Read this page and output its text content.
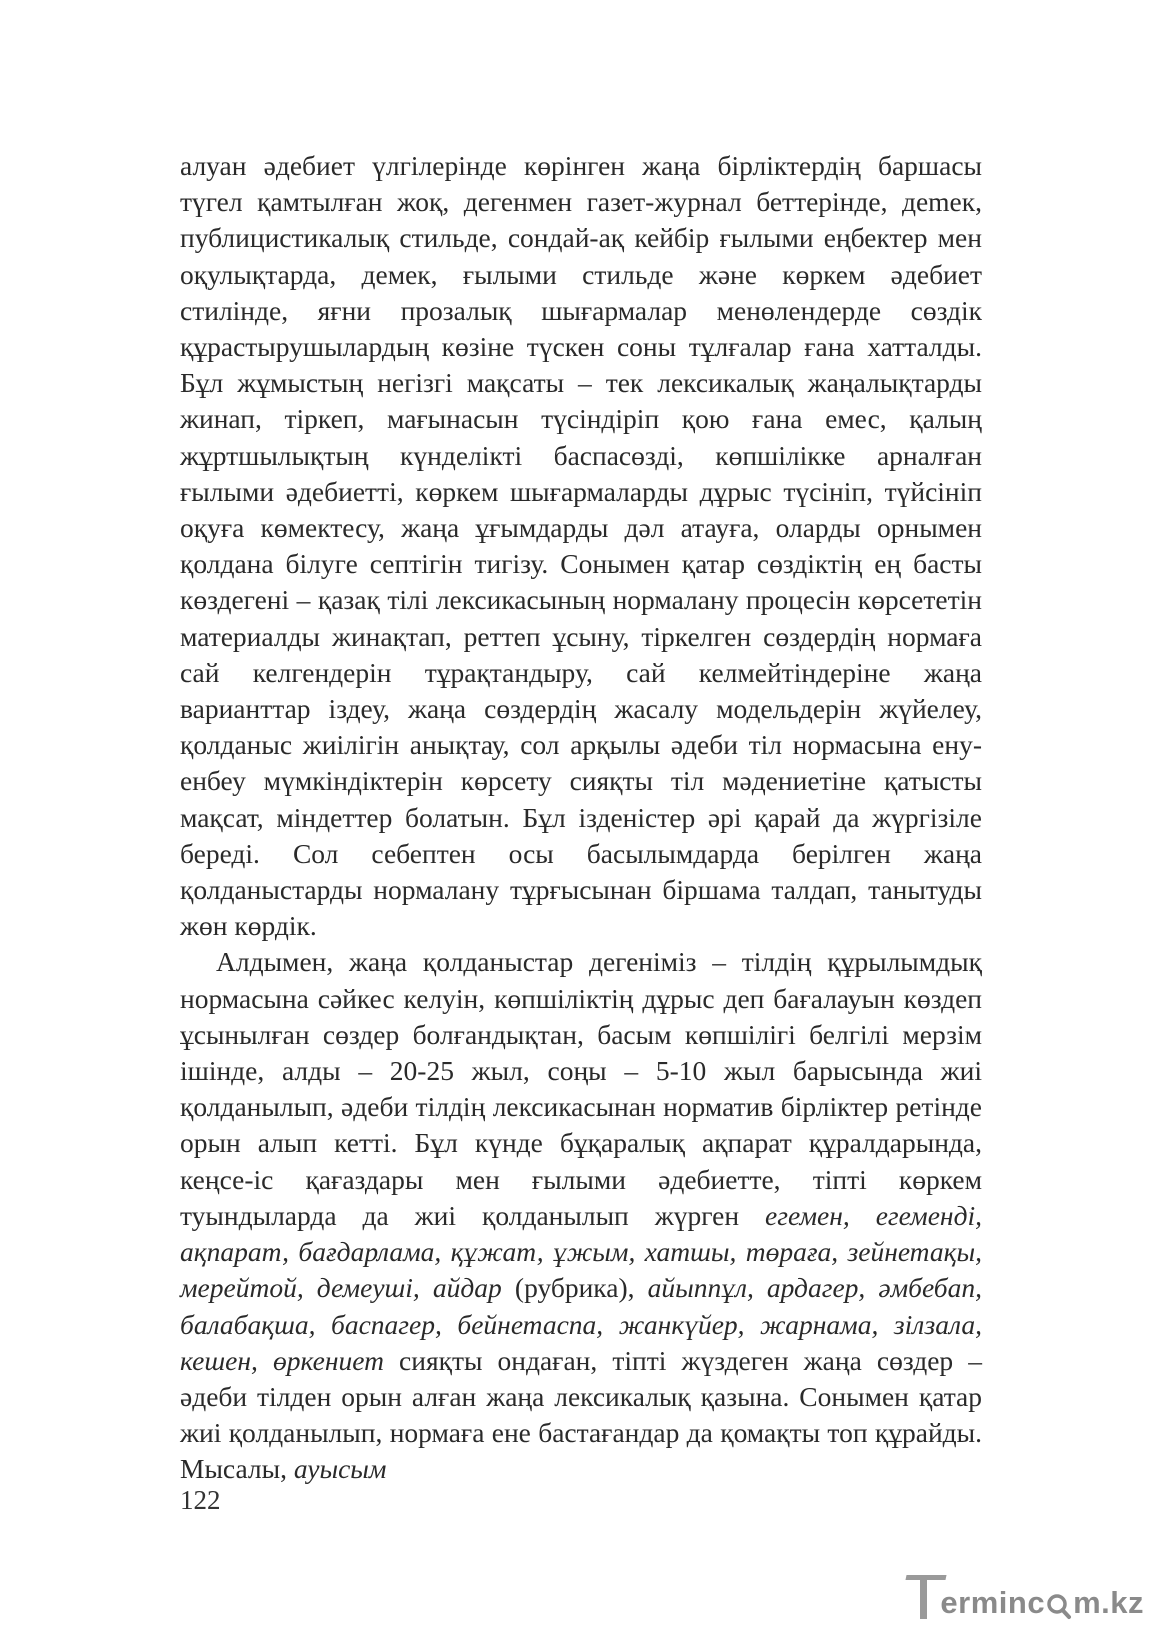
алуан әдебиет үлгілерінде көрінген жаңа бірліктердің баршасы түгел қамтылған жоқ, дегенмен газет-журнал беттерінде, деmек, публицистикалық стильде, сондай-ақ кейбір ғылыми еңбектер мен оқулықтарда, демек, ғылыми стильде және көркем әдебиет стилінде, яғни прозалық шығармалар менөлендерде сөздік құрастырушылардың көзіне түскен соны тұлғалар ғана хатталды. Бұл жұмыстың негізгі мақсаты – тек лексикалық жаңалықтарды жинап, тіркеп, мағынасын түсіндіріп қою ғана емес, қалың жұртшылықтың күнделікті баспасөзді, көпшілікке арналған ғылыми әдебиетті, көркем шығармаларды дұрыс түсініп, түйсініп оқуға көмектесу, жаңа ұғымдарды дәл атауға, оларды орнымен қолдана білуге септігін тигізу. Сонымен қатар сөздіктің ең басты көздегені – қазақ тілі лексикасының нормалану процесін көрсететін материалды жинақтап, реттеп ұсыну, тіркелген сөздердің нормаға сай келгендерін тұрақтандыру, сай келмейтіндеріне жаңа варианттар іздеу, жаңа сөздердің жасалу модельдерін жүйелеу, қолданыс жиілігін анықтау, сол арқылы әдеби тіл нормасына ену-енбеу мүмкіндіктерін көрсету сияқты тіл мәдениетіне қатысты мақсат, міндеттер болатын. Бұл ізденістер әрі қарай да жүргізіле береді. Сол себептен осы басылымдарда берілген жаңа қолданыстарды нормалану тұрғысынан біршама талдап, танытуды жөн көрдік.

Алдымен, жаңа қолданыстар дегеніміз – тілдің құрылымдық нормасына сәйкес келуін, көпшіліктің дұрыс деп бағалауын көздеп ұсынылған сөздер болғандықтан, басым көпшілігі белгілі мерзім ішінде, алды – 20-25 жыл, соңы – 5-10 жыл барысында жиі қолданылып, әдеби тілдің лексикасынан норматив бірліктер ретінде орын алып кетті. Бұл күнде бұқаралық ақпарат құралдарында, кеңсе-іс қағаздары мен ғылыми әдебиетте, тіпті көркем туындыларда да жиі қолданылып жүрген егемен, егеменді, ақпарат, бағдарлама, құжат, ұжым, хатшы, төраға, зейнетақы, мерейтой, демеуші, айдар (рубрика), айыппұл, ардагер, әмбебап, балабақша, баспагер, бейнетаспа, жанкүйер, жарнама, зілзала, кешен, өркениет сияқты ондаған, тіпті жүздеген жаңа сөздер – әдеби тілден орын алған жаңа лексикалық қазына. Сонымен қатар жиі қолданылып, нормаға ене бастағандар да қомақты топ құрайды. Мысалы, ауысым

122
erminc m.kz
